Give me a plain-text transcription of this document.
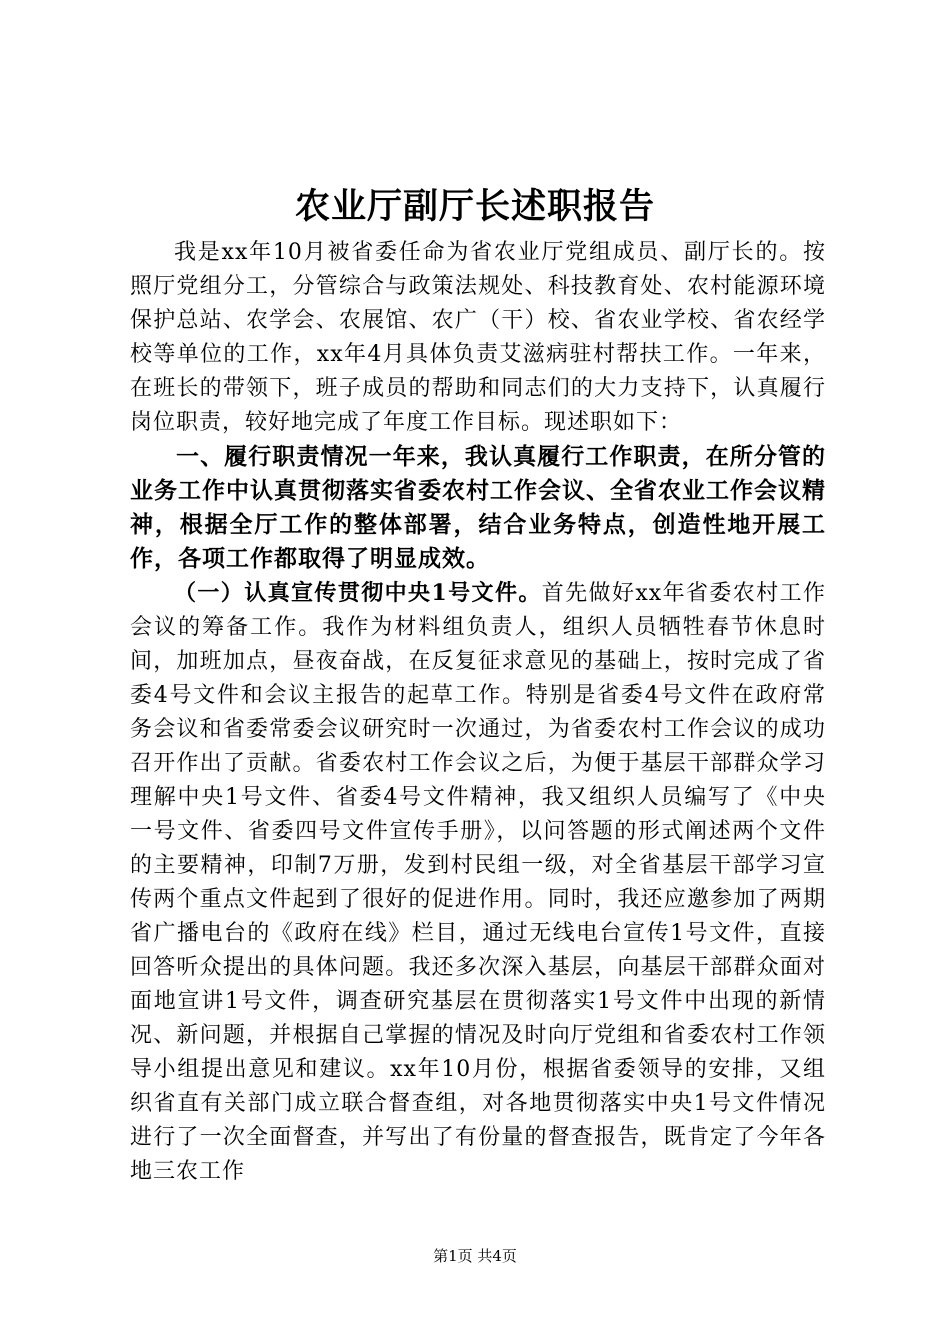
农业厅副厅长述职报告

我是xx年10月被省委任命为省农业厅党组成员、副厅长的。按照厅党组分工，分管综合与政策法规处、科技教育处、农村能源环境保护总站、农学会、农展馆、农广（干）校、省农业学校、省农经学校等单位的工作，xx年4月具体负责艾滋病驻村帮扶工作。一年来，在班长的带领下，班子成员的帮助和同志们的大力支持下，认真履行岗位职责，较好地完成了年度工作目标。现述职如下：

一、履行职责情况一年来，我认真履行工作职责，在所分管的业务工作中认真贯彻落实省委农村工作会议、全省农业工作会议精神，根据全厅工作的整体部署，结合业务特点，创造性地开展工作，各项工作都取得了明显成效。

（一）认真宣传贯彻中央1号文件。首先做好xx年省委农村工作会议的筹备工作。我作为材料组负责人，组织人员牺牲春节休息时间，加班加点，昼夜奋战，在反复征求意见的基础上，按时完成了省委4号文件和会议主报告的起草工作。特别是省委4号文件在政府常务会议和省委常委会议研究时一次通过，为省委农村工作会议的成功召开作出了贡献。省委农村工作会议之后，为便于基层干部群众学习理解中央1号文件、省委4号文件精神，我又组织人员编写了《中央一号文件、省委四号文件宣传手册》，以问答题的形式阐述两个文件的主要精神，印制7万册，发到村民组一级，对全省基层干部学习宣传两个重点文件起到了很好的促进作用。同时，我还应邀参加了两期省广播电台的《政府在线》栏目，通过无线电台宣传1号文件，直接回答听众提出的具体问题。我还多次深入基层，向基层干部群众面对面地宣讲1号文件，调查研究基层在贯彻落实1号文件中出现的新情况、新问题，并根据自己掌握的情况及时向厅党组和省委农村工作领导小组提出意见和建议。xx年10月份，根据省委领导的安排，又组织省直有关部门成立联合督查组，对各地贯彻落实中央1号文件情况进行了一次全面督查，并写出了有份量的督查报告，既肯定了今年各地三农工作

第1页 共4页
